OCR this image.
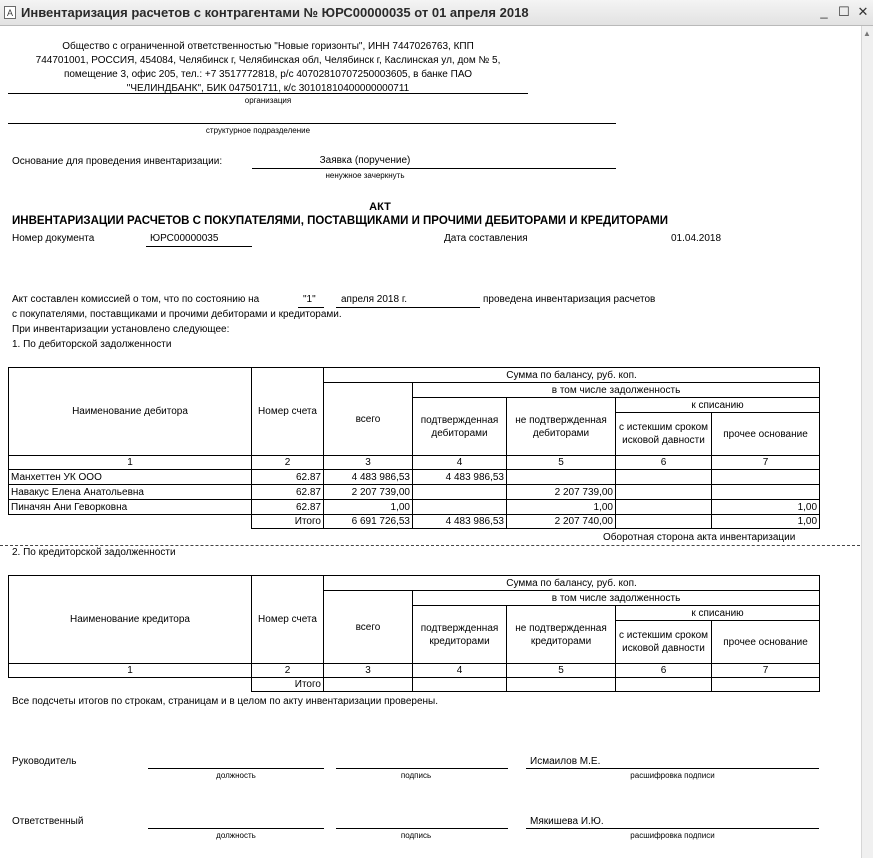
A Инвентаризация расчетов с контрагентами № ЮРС00000035 от 01 апреля 2018	_ ☐ ✕
▲
Общество с ограниченной ответственностью "Новые горизонты", ИНН 7447026763, КПП
744701001, РОССИЯ, 454084, Челябинск г, Челябинская обл, Челябинск г, Каслинская ул, дом № 5,
помещение 3, офис 205, тел.: +7 3517772818, р/с 40702810707250003605, в банке ПАО
"ЧЕЛИНДБАНК", БИК 047501711, к/с 30101810400000000711
организация
структурное подразделение
Основание для проведения инвентаризации:	Заявка (поручение)
ненужное зачеркнуть
АКТ
ИНВЕНТАРИЗАЦИИ РАСЧЕТОВ С ПОКУПАТЕЛЯМИ, ПОСТАВЩИКАМИ И ПРОЧИМИ ДЕБИТОРАМИ И КРЕДИТОРАМИ
Номер документа	ЮРС00000035	Дата составления	01.04.2018
Акт составлен комиссией о том, что по состоянию на	"1"	апреля 2018 г.	проведена инвентаризация расчетов
с покупателями, поставщиками и прочими дебиторами и кредиторами.
При инвентаризации установлено следующее:
1. По дебиторской задолженности
Наименование дебитора	Номер счета	Сумма по балансу, руб. коп.				
		всего	в том числе задолженность			
			подтвержденная дебиторами	не подтвержденная дебиторами	к списанию	
					с истекшим сроком исковой давности	прочее основание
1	2	3	4	5	6	7
Манхеттен УК ООО	62.87	4 483 986,53	4 483 986,53			
Навакус Елена Анатольевна	62.87	2 207 739,00		2 207 739,00		
Пиначян Ани Геворковна	62.87	1,00		1,00		1,00
	Итого	6 691 726,53	4 483 986,53	2 207 740,00		1,00
Оборотная сторона акта инвентаризации
2. По кредиторской задолженности
Наименование кредитора	Номер счета	Сумма по балансу, руб. коп.				
		всего	в том числе задолженность			
			подтвержденная кредиторами	не подтвержденная кредиторами	к списанию	
					с истекшим сроком исковой давности	прочее основание
1	2	3	4	5	6	7
	Итого					
Все подсчеты итогов по строкам, страницам и в целом по акту инвентаризации проверены.
Руководитель
должность	подпись
Исмаилов М.Е.
расшифровка подписи
Ответственный
должность	подпись
Мякишева И.Ю.
расшифровка подписи
